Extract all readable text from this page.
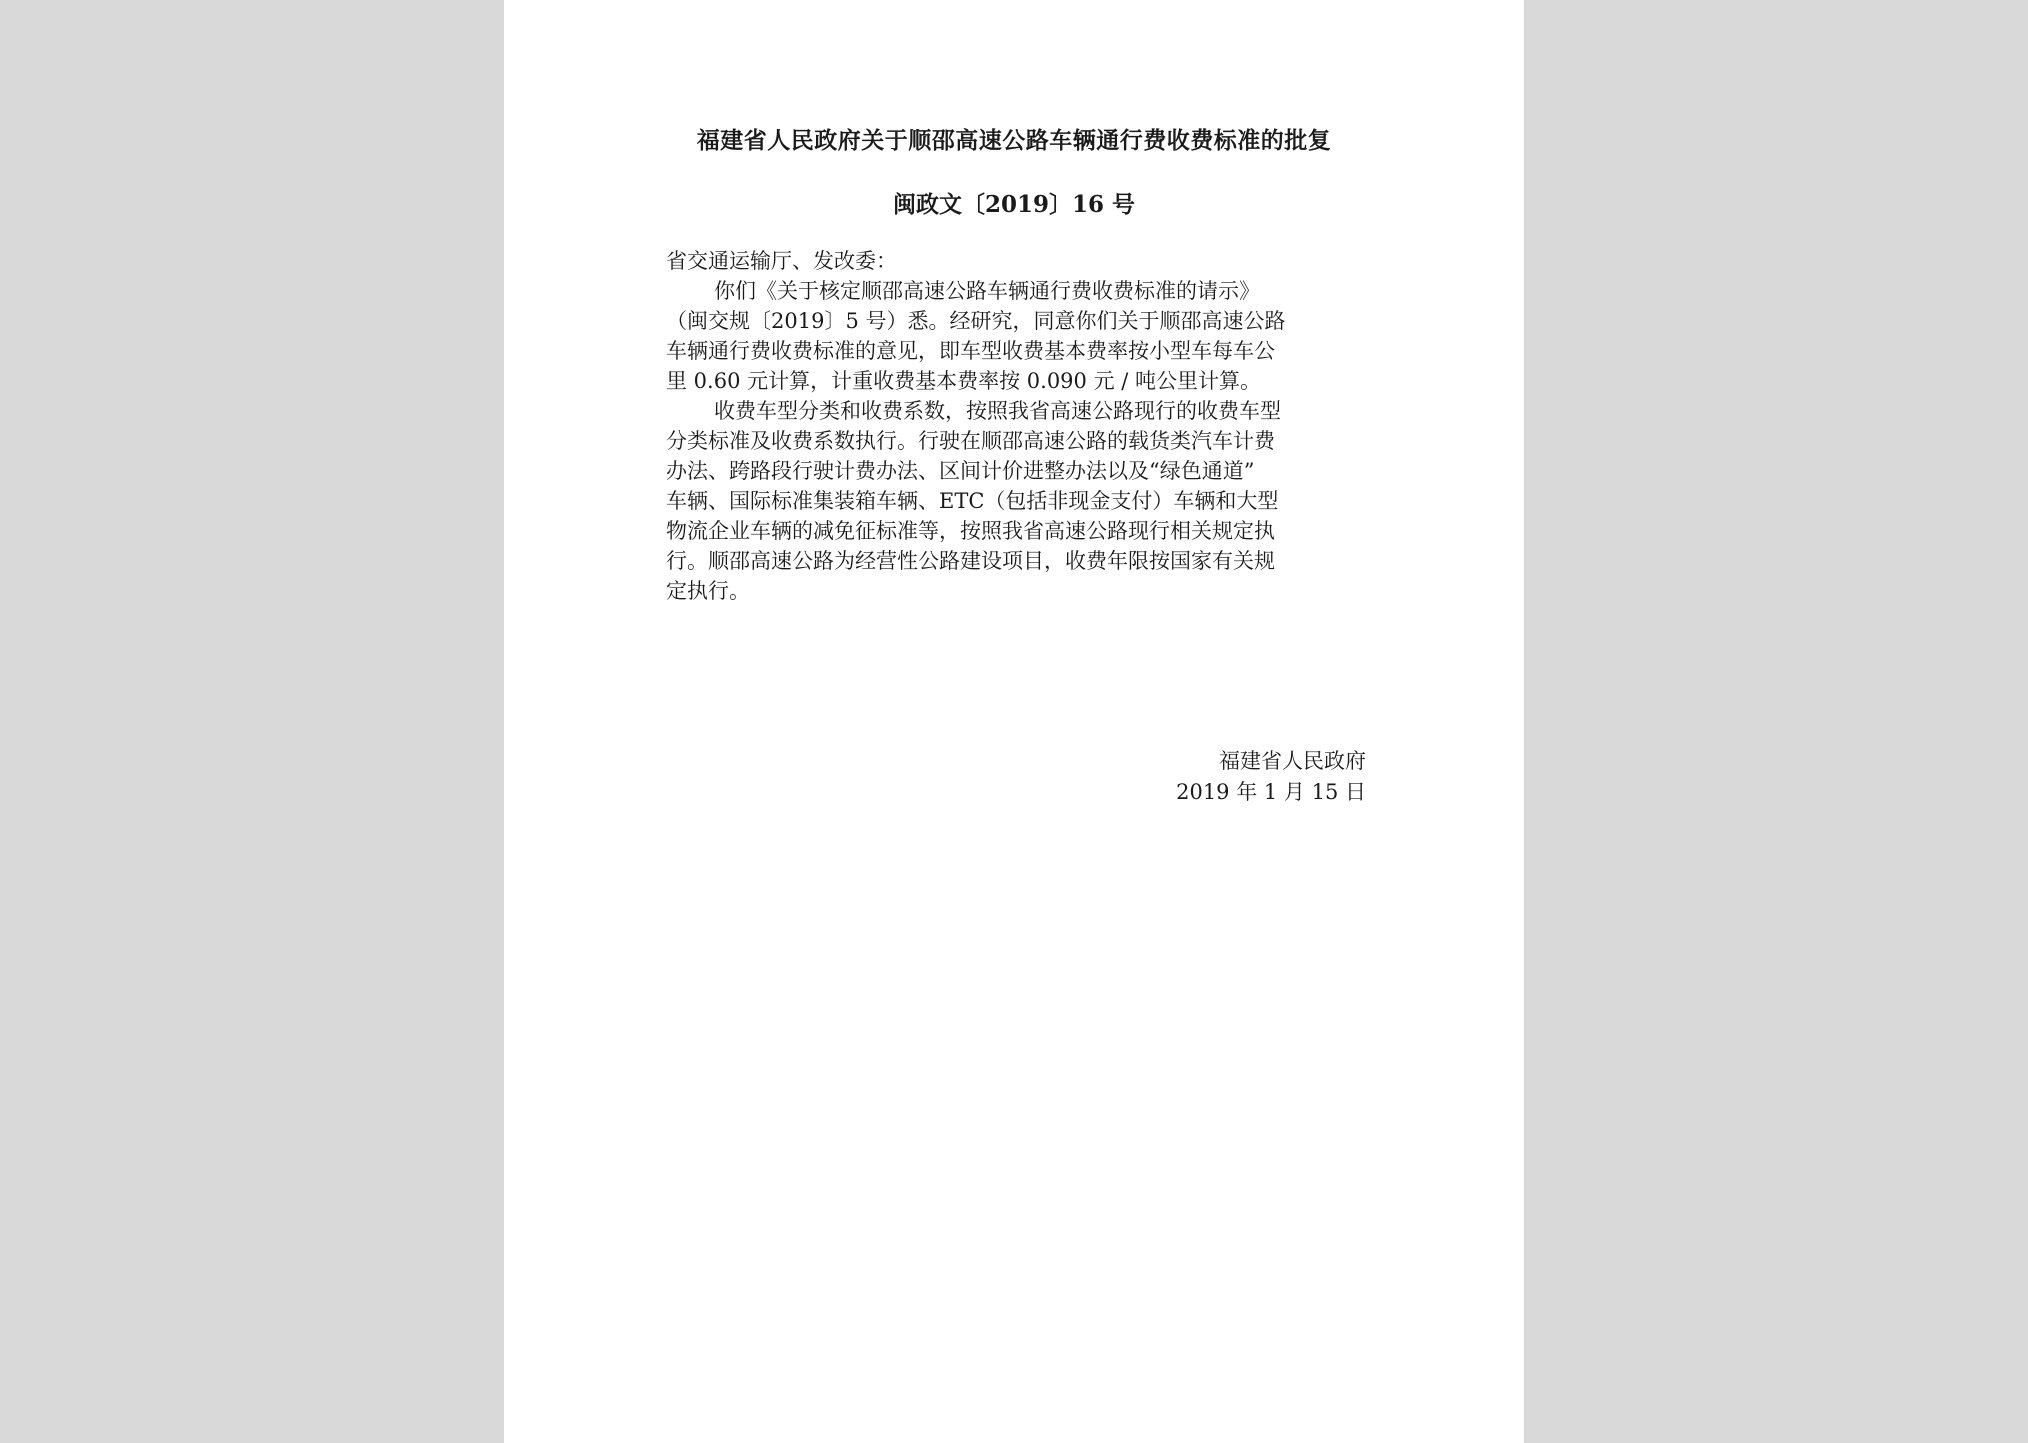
福建省人民政府关于顺邵高速公路车辆通行费收费标准的批复
闽政文〔2019〕16 号
省交通运输厅、发改委：
你们《关于核定顺邵高速公路车辆通行费收费标准的请示》
（闽交规〔2019〕5 号）悉。经研究，同意你们关于顺邵高速公路
车辆通行费收费标准的意见，即车型收费基本费率按小型车每车公
里 0.60 元计算，计重收费基本费率按 0.090 元 / 吨公里计算。
收费车型分类和收费系数，按照我省高速公路现行的收费车型
分类标准及收费系数执行。行驶在顺邵高速公路的载货类汽车计费
办法、跨路段行驶计费办法、区间计价进整办法以及“绿色通道”
车辆、国际标准集装箱车辆、ETC（包括非现金支付）车辆和大型
物流企业车辆的减免征标准等，按照我省高速公路现行相关规定执
行。顺邵高速公路为经营性公路建设项目，收费年限按国家有关规
定执行。
福建省人民政府
2019 年 1 月 15 日
